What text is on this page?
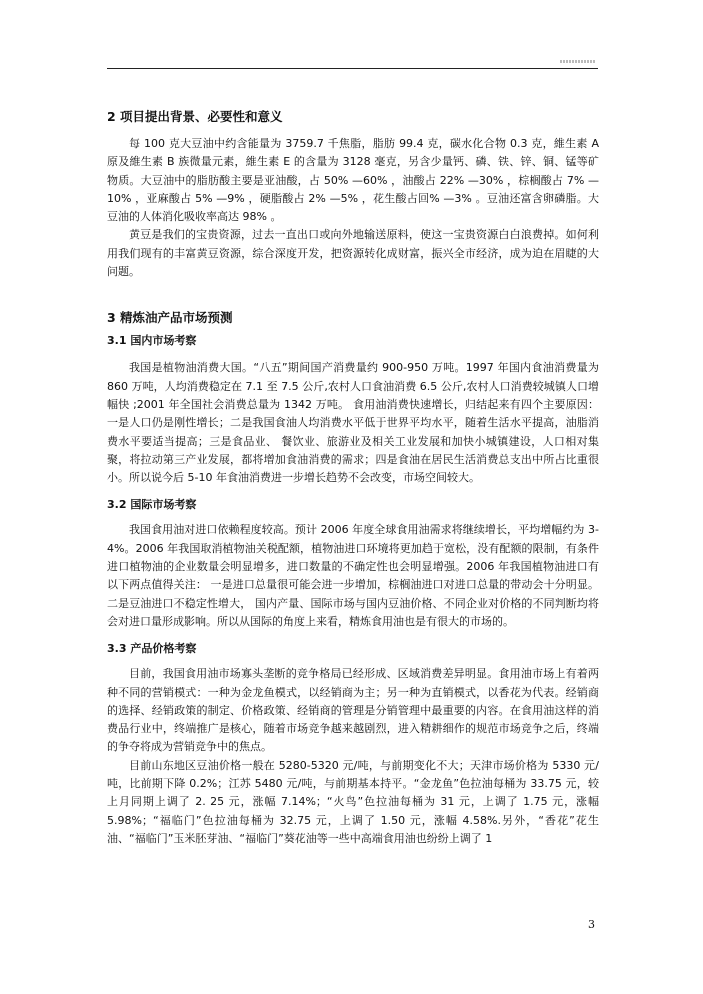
2 项目提出背景、必要性和意义

每 100 克大豆油中约含能量为 3759.7 千焦脂，脂肪 99.4 克，碳水化合物 0.3 克，維生素 A 原及維生素 B 族微量元素，維生素 E 的含量为 3128 毫克，另含少量钙、磷、铁、锌、铜、锰等矿物质。大豆油中的脂肪酸主要是亚油酸，占 50% —60% ，油酸占 22% —30% ，棕榈酸占 7% —10% ，亚麻酸占 5% —9% ，硬脂酸占 2% —5% ，花生酸占回% —3% 。豆油还富含卵磷脂。大豆油的人体消化吸收率高达 98% 。

黄豆是我们的宝贵资源，过去一直出口或向外地输送原料，使这一宝贵资源白白浪费掉。如何利用我们现有的丰富黄豆资源，综合深度开发，把资源转化成财富，振兴全市经济，成为迫在眉睫的大问题。

3 精炼油产品市场预测

3.1 国内市场考察

我国是植物油消费大国。“八五”期间国产消费量约 900-950 万吨。1997 年国内食油消费量为 860 万吨，人均消费稳定在 7.1 至 7.5 公斤,农村人口食油消费 6.5 公斤,农村人口消费较城镇人口增幅快 ;2001 年全国社会消费总量为 1342 万吨。 食用油消费快速增长，归结起来有四个主要原因：一是人口仍是刚性增长；二是我国食油人均消费水平低于世界平均水平，随着生活水平提高，油脂消费水平要适当提高；三是食品业、 餐饮业、旅游业及相关工业发展和加快小城镇建设，人口相对集聚，将拉动第三产业发展，都将增加食油消费的需求；四是食油在居民生活消费总支出中所占比重很小。所以说今后 5-10 年食油消费进一步增长趋势不会改变，市场空间较大。

3.2 国际市场考察

我国食用油对进口依赖程度较高。预计 2006 年度全球食用油需求将继续增长，平均增幅约为 3-4%。2006 年我国取消植物油关税配额，植物油进口环境将更加趋于宽松，没有配额的限制，有条件进口植物油的企业数量会明显增多，进口数量的不确定性也会明显增强。2006 年我国植物油进口有以下两点值得关注： 一是进口总量很可能会进一步增加，棕榈油进口对进口总量的带动会十分明显。二是豆油进口不稳定性增大， 国内产量、国际市场与国内豆油价格、不同企业对价格的不同判断均将会对进口量形成影响。所以从国际的角度上来看，精炼食用油也是有很大的市场的。

3.3 产品价格考察

目前，我国食用油市场寡头垄断的竞争格局已经形成、区域消费差异明显。食用油市场上有着两种不同的营销模式：一种为金龙鱼模式，以经销商为主；另一种为直销模式，以香花为代表。经销商的选择、经销政策的制定、价格政策、经销商的管理是分销管理中最重要的内容。在食用油这样的消费品行业中，终端推广是核心，随着市场竞争越来越剧烈，进入精耕细作的规范市场竞争之后，终端的争夺将成为营销竞争中的焦点。

目前山东地区豆油价格一般在 5280-5320 元/吨，与前期变化不大；天津市场价格为 5330 元/吨，比前期下降 0.2%；江苏 5480 元/吨，与前期基本持平。“金龙鱼”色拉油每桶为 33.75 元，较上月同期上调了 2. 25 元，涨幅 7.14%；“火鸟”色拉油每桶为 31 元，上调了 1.75 元，涨幅 5.98%；“福临门”色拉油每桶为 32.75 元，上调了 1.50 元，涨幅 4.58%.另外，“香花”花生油、“福临门”玉米胚芽油、“福临门”葵花油等一些中高端食用油也纷纷上调了 1

3
